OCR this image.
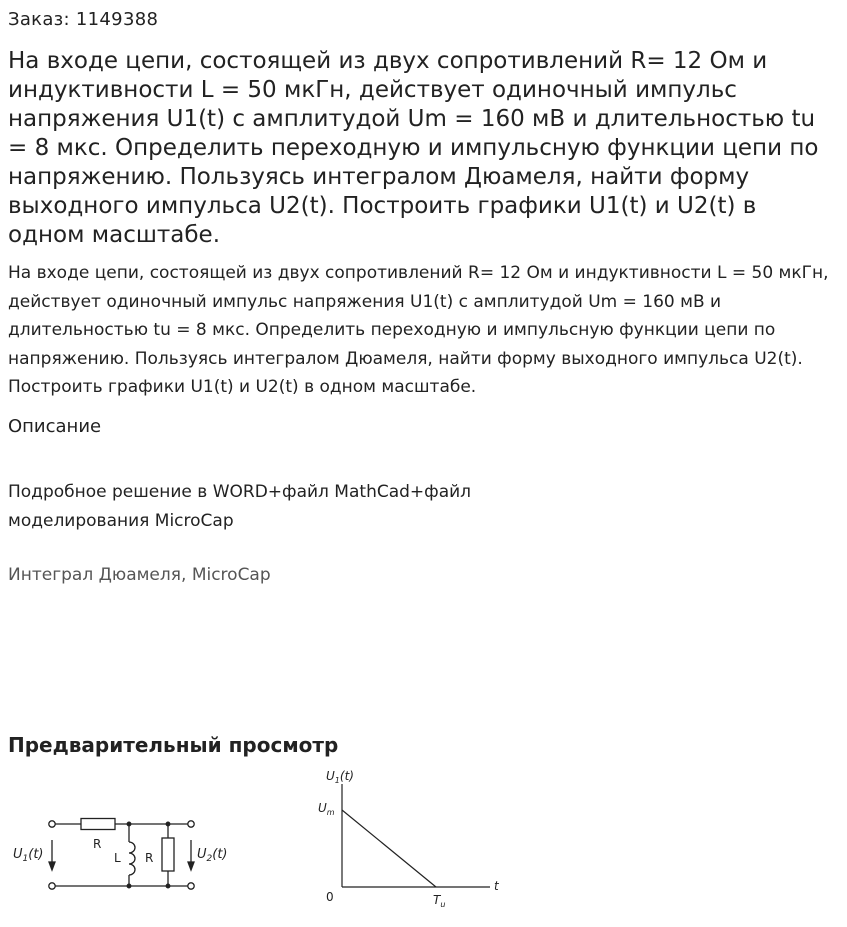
Заказ: 1149388
На входе цепи, состоящей из двух сопротивлений R= 12 Ом и индуктивности L = 50 мкГн, действует одиночный импульс напряжения U1(t) с амплитудой Um = 160 мВ и длительностью tu = 8 мкс. Определить переходную и импульсную функции цепи по напряжению. Пользуясь интегралом Дюамеля, найти форму выходного импульса U2(t). Построить графики U1(t) и U2(t) в одном масштабе.

На входе цепи, состоящей из двух сопротивлений R= 12 Ом и индуктивности L = 50 мкГн, действует одиночный импульс напряжения U1(t) с амплитудой Um = 160 мВ и длительностью tu = 8 мкс. Определить переходную и импульсную функции цепи по напряжению. Пользуясь интегралом Дюамеля, найти форму выходного импульса U2(t). Построить графики U1(t) и U2(t) в одном масштабе.

Описание

Подробное решение в WORD+файл MathCad+файл моделирования MicroCap

Интеграл Дюамеля, MicroCap
Предварительный просмотр
$U_1(t)$	$U_2(t)$
R
L R
$U_1(t)$
$U_m$
0
t
$T_u$
